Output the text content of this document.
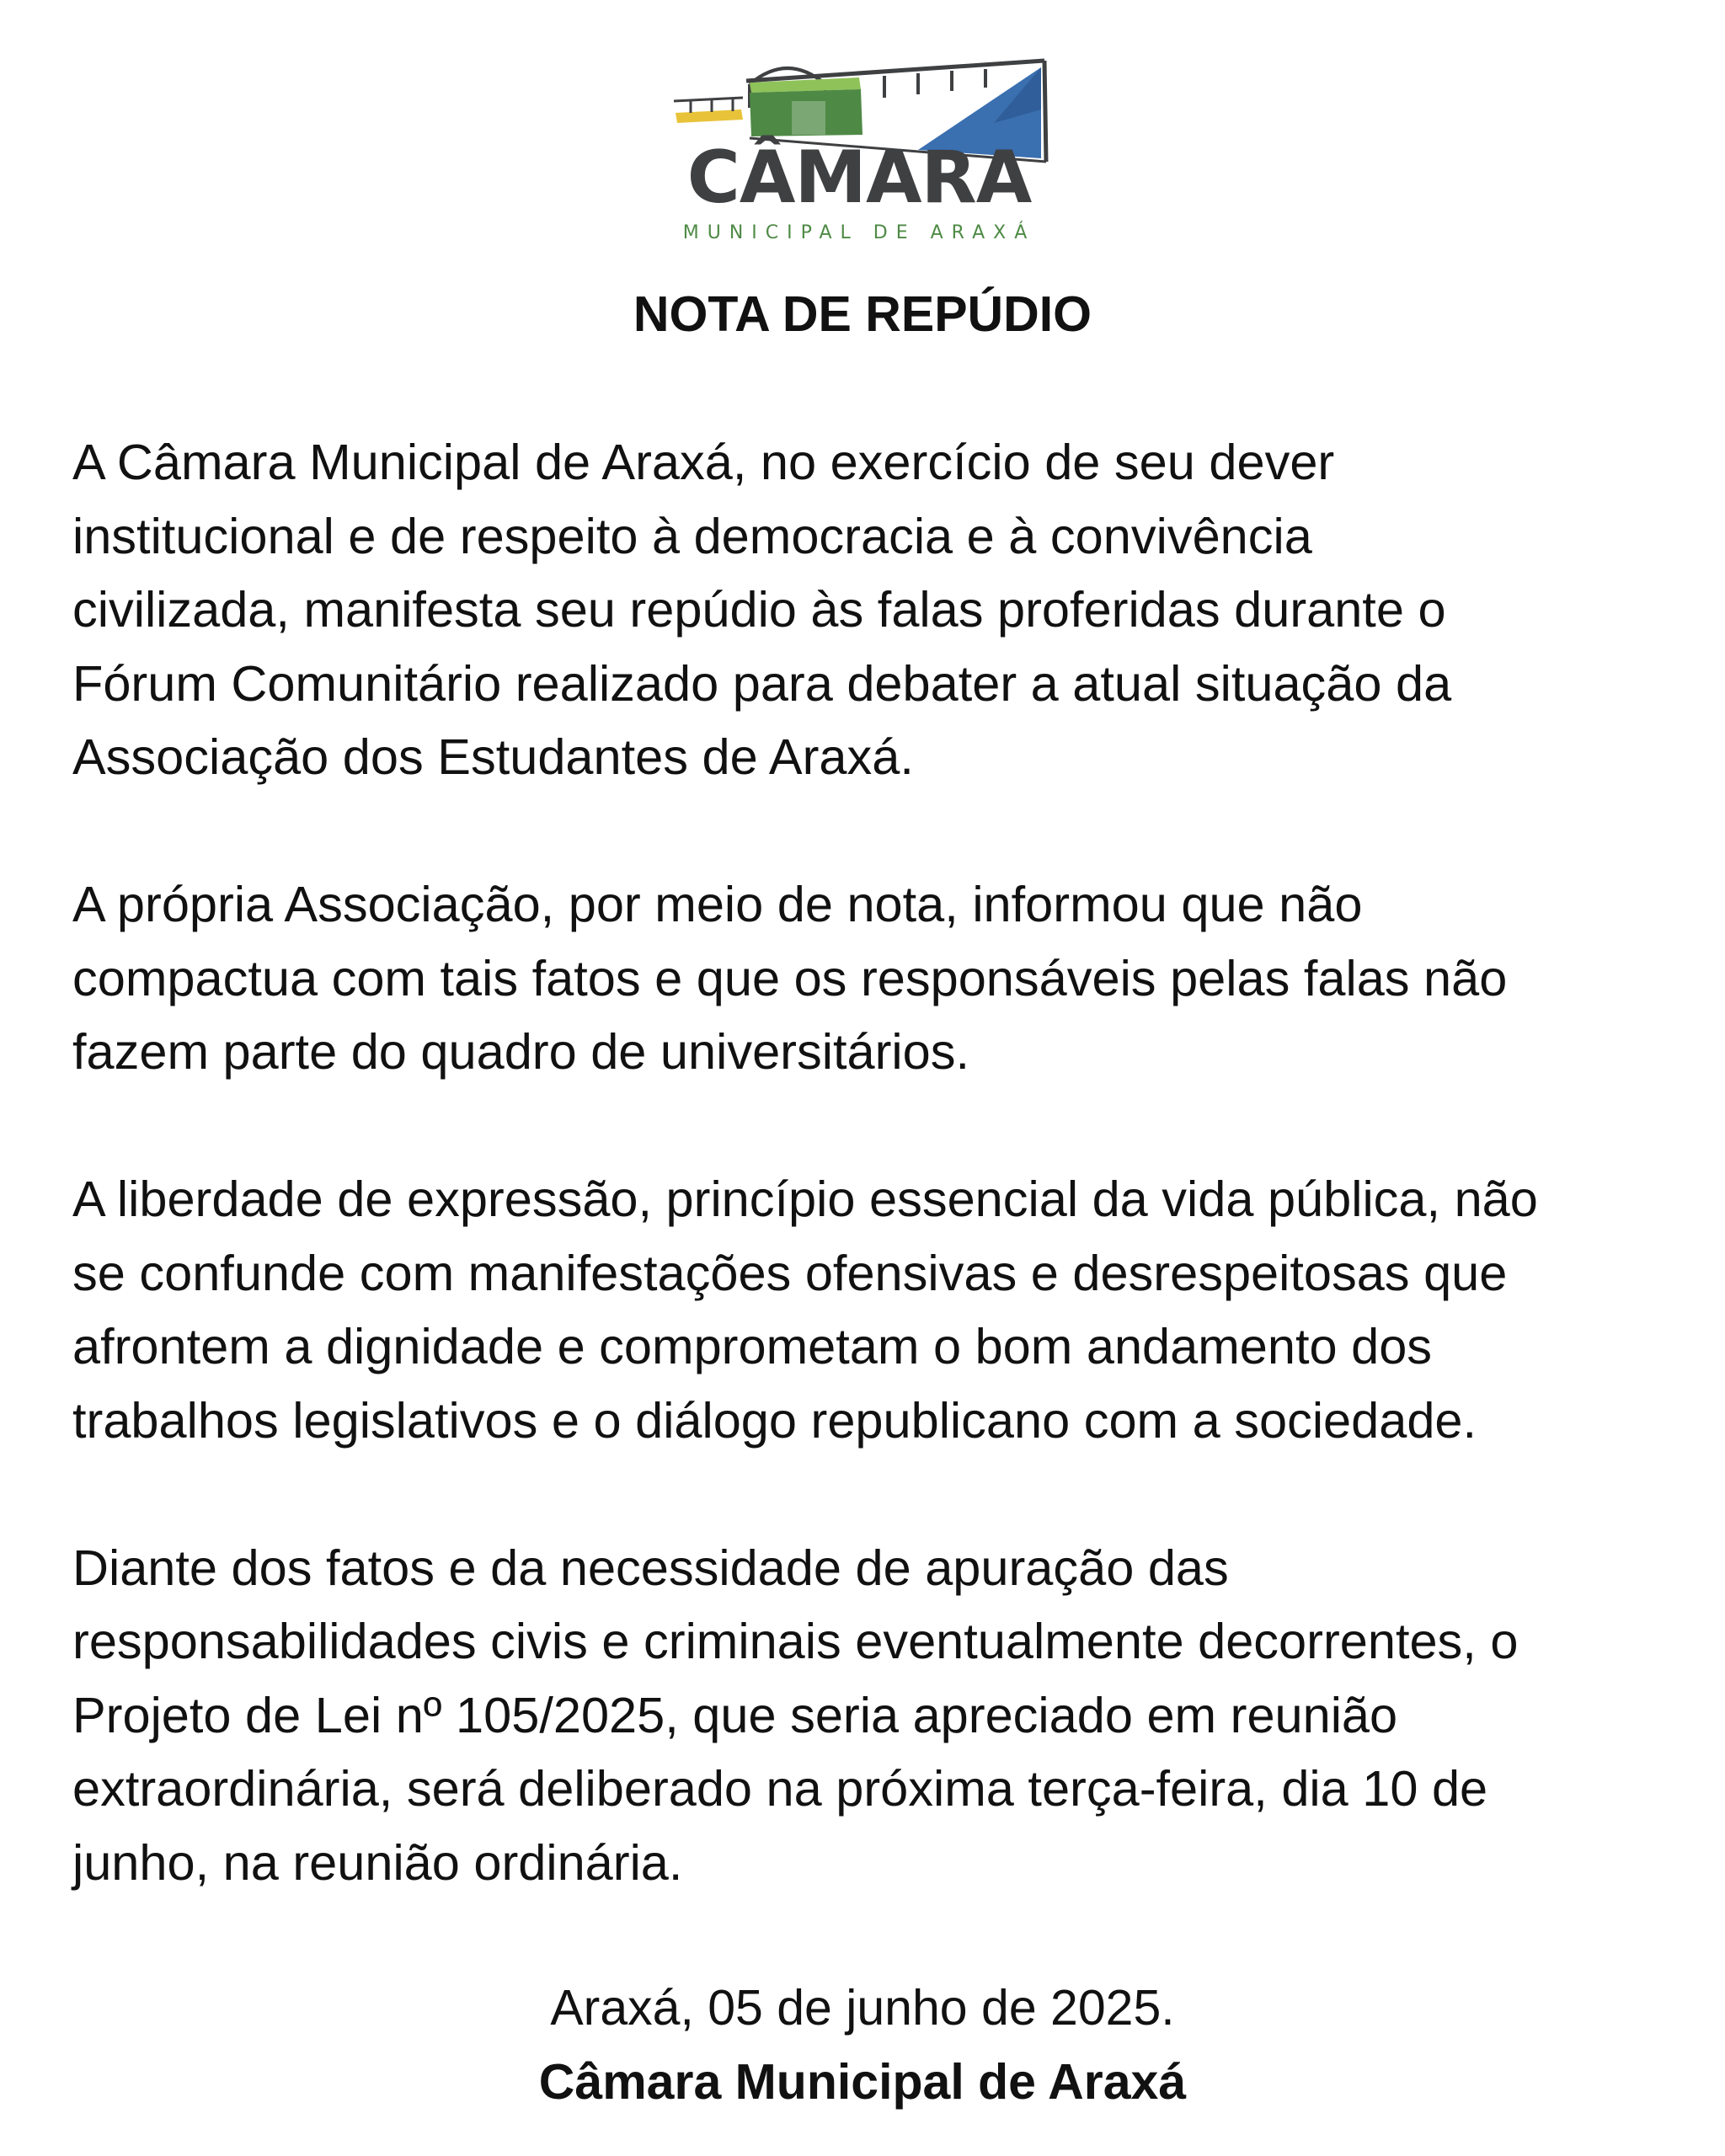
CÂMARA
MUNICIPAL DE ARAXÁ
NOTA DE REPÚDIO

A Câmara Municipal de Araxá, no exercício de seu dever
institucional e de respeito à democracia e à convivência
civilizada, manifesta seu repúdio às falas proferidas durante o
Fórum Comunitário realizado para debater a atual situação da
Associação dos Estudantes de Araxá.

A própria Associação, por meio de nota, informou que não
compactua com tais fatos e que os responsáveis pelas falas não
fazem parte do quadro de universitários.

A liberdade de expressão, princípio essencial da vida pública, não
se confunde com manifestações ofensivas e desrespeitosas que
afrontem a dignidade e comprometam o bom andamento dos
trabalhos legislativos e o diálogo republicano com a sociedade.

Diante dos fatos e da necessidade de apuração das
responsabilidades civis e criminais eventualmente decorrentes, o
Projeto de Lei nº 105/2025, que seria apreciado em reunião
extraordinária, será deliberado na próxima terça-feira, dia 10 de
junho, na reunião ordinária.

Araxá, 05 de junho de 2025.
Câmara Municipal de Araxá
